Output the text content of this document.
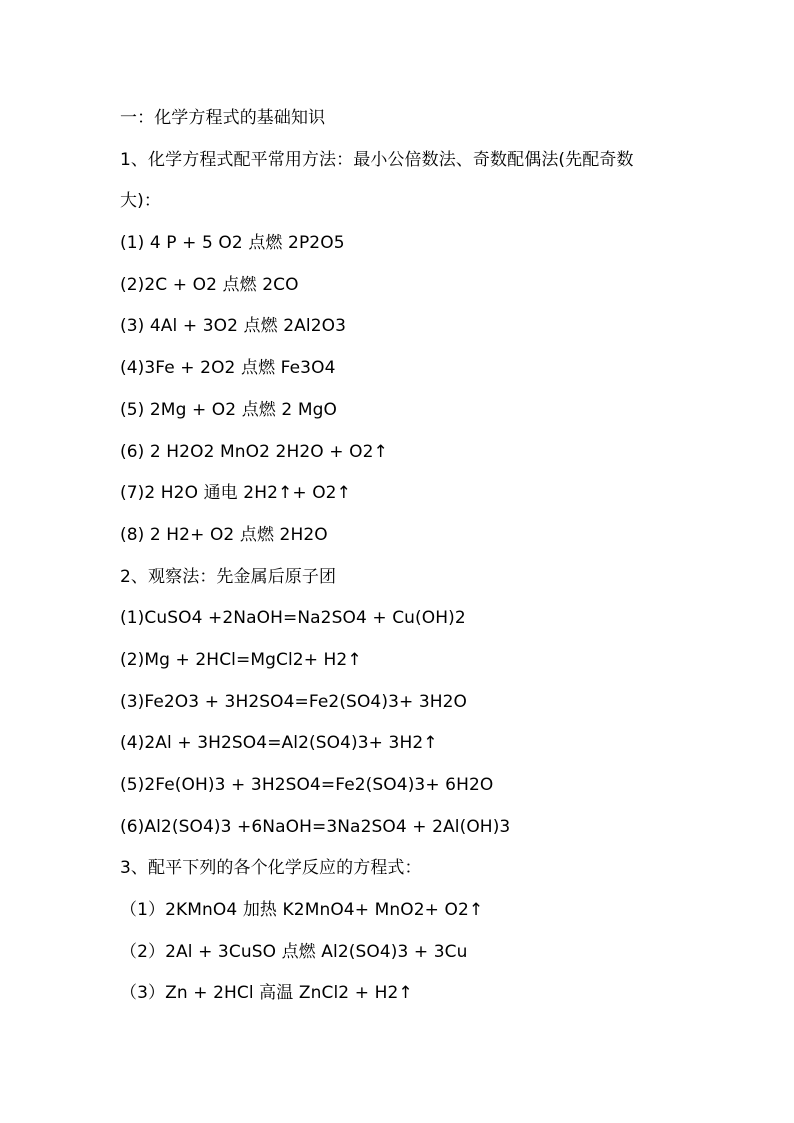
一：化学方程式的基础知识
1、化学方程式配平常用方法：最小公倍数法、奇数配偶法(先配奇数
大)：
(1) 4 P + 5 O2 点燃 2P2O5
(2)2C + O2 点燃 2CO
(3) 4Al + 3O2 点燃 2Al2O3
(4)3Fe + 2O2 点燃 Fe3O4
(5) 2Mg + O2 点燃 2 MgO
(6) 2 H2O2 MnO2 2H2O + O2↑
(7)2 H2O 通电 2H2↑+ O2↑
(8) 2 H2+ O2 点燃 2H2O
2、观察法：先金属后原子团
(1)CuSO4 +2NaOH=Na2SO4 + Cu(OH)2
(2)Mg + 2HCl=MgCl2+ H2↑
(3)Fe2O3 + 3H2SO4=Fe2(SO4)3+ 3H2O
(4)2Al + 3H2SO4=Al2(SO4)3+ 3H2↑
(5)2Fe(OH)3 + 3H2SO4=Fe2(SO4)3+ 6H2O
(6)Al2(SO4)3 +6NaOH=3Na2SO4 + 2Al(OH)3
3、配平下列的各个化学反应的方程式：
（1）2KMnO4 加热 K2MnO4+ MnO2+ O2↑
（2）2Al + 3CuSO 点燃 Al2(SO4)3 + 3Cu
（3）Zn + 2HCl 高温 ZnCl2 + H2↑
